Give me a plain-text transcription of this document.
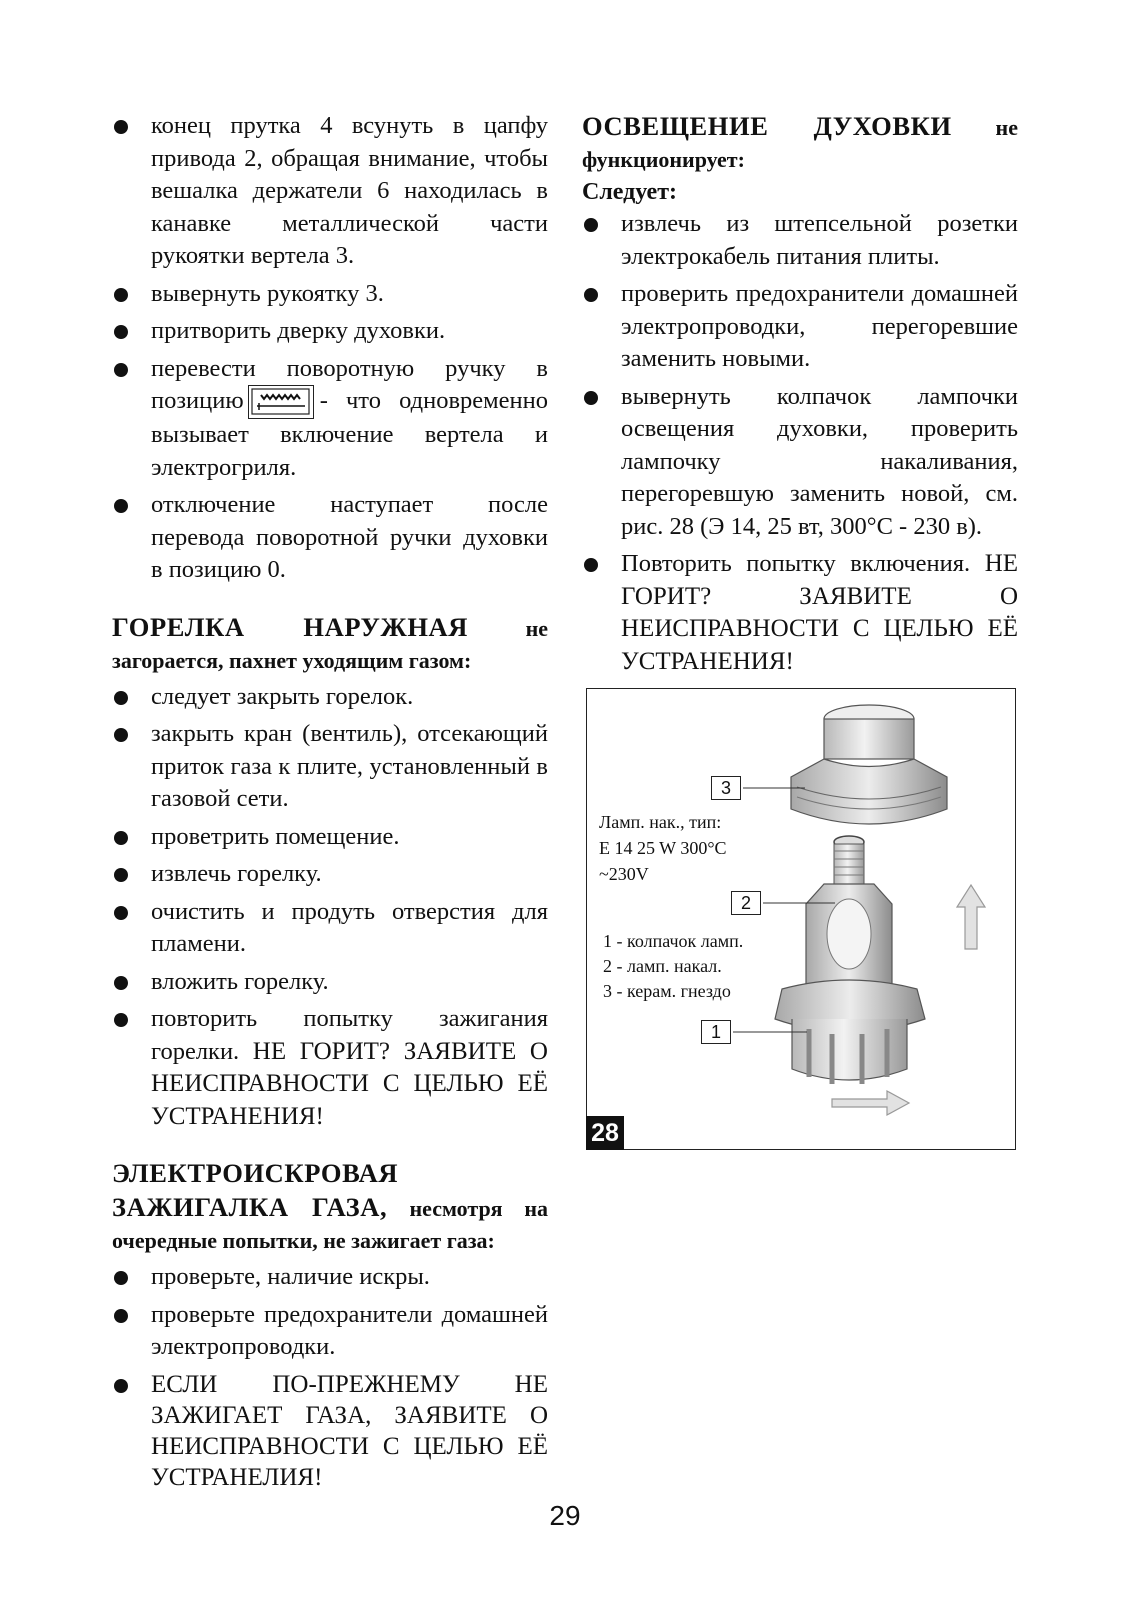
конец прутка 4 всунуть в цапфу привода 2, обращая внимание, чтобы вешалка держатели 6 находилась в канавке металлической части рукоятки вертела 3.
вывернуть рукоятку 3.
притворить дверку духовки.
перевести поворотную ручку в позицию	- что одновременно вызывает включение вертела и электрогриля.
отключение наступает после перевода поворотной ручки духовки в позицию 0.
ГОРЕЛКА НАРУЖНАЯ	не загорается, пахнет уходящим газом:
следует закрыть горелок.
закрыть кран (вентиль), отсекающий приток газа к плите, установленный в газовой сети.
проветрить помещение.
извлечь горелку.
очистить и продуть отверстия для пламени.
вложить горелку.
повторить попытку зажигания горелки. НЕ ГОРИТ? ЗАЯВИТЕ О НЕИСПРАВНОСТИ С ЦЕЛЬЮ ЕЁ УСТРАНЕНИЯ!
ЭЛЕКТРОИСКРОВАЯ ЗАЖИГАЛКА ГАЗА, несмотря на очередные попытки, не зажигает газа:
проверьте, наличие искры.
проверьте предохранители домашней электропроводки.
ЕСЛИ ПО-ПРЕЖНЕМУ НЕ ЗАЖИГАЕТ ГАЗА, ЗАЯВИТЕ О НЕИСПРАВНОСТИ С ЦЕЛЬЮ ЕЁ УСТРАНЕЛИЯ!
ОСВЕЩЕНИЕ ДУХОВКИ не функционирует:
Следует:
извлечь из штепсельной розетки электрокабель питания плиты.
проверить предохранители домашней электропроводки, перегоревшие заменить новыми.
вывернуть колпачок лампочки освещения духовки, проверить лампочку накаливания, перегоревшую заменить новой, см. рис. 28 (Э 14, 25 вт, 300°С - 230 в).
Повторить попытку включения. НЕ ГОРИТ? ЗАЯВИТЕ О НЕИСПРАВНОСТИ С ЦЕЛЬЮ ЕЁ УСТРАНЕНИЯ!
3
2
1
Ламп. нак., тип:
E 14 25 W 300°C
~230V
1 - колпачок ламп.
2 - ламп. накал.
3 - керам. гнездо
28
29
